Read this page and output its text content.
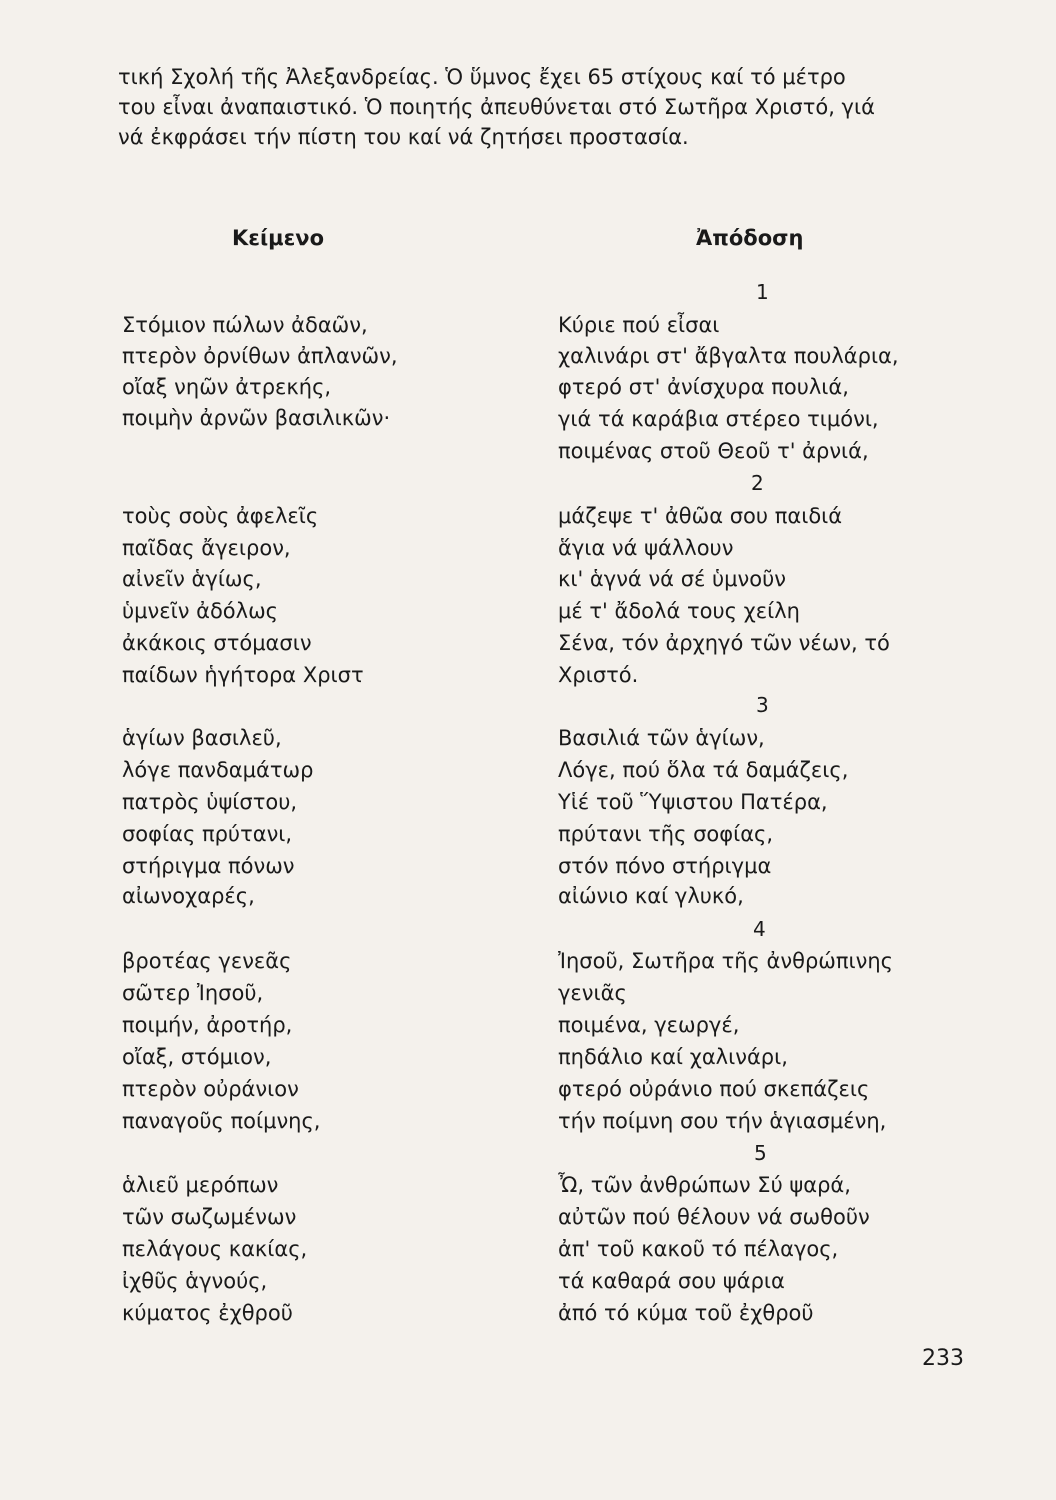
τική Σχολή τῆς Ἀλεξανδρείας. Ὁ ὕμνος ἔχει 65 στίχους καί τό μέτρο
του εἶναι ἀναπαιστικό. Ὁ ποιητής ἀπευθύνεται στό Σωτῆρα Χριστό, γιά
νά ἐκφράσει τήν πίστη του καί νά ζητήσει προστασία.
Κείμενο	Ἀπόδοση
Στόμιον πώλων ἀδαῶν,
πτερὸν ὀρνίθων ἀπλανῶν,
οἴαξ νηῶν ἀτρεκής,
ποιμὴν ἀρνῶν βασιλικῶν·
τοὺς σοὺς ἀφελεῖς
παῖδας ἄγειρον,
αἰνεῖν ἁγίως,
ὑμνεῖν ἀδόλως
ἀκάκοις στόμασιν
παίδων ἡγήτορα Χριστ
ἁγίων βασιλεῦ,
λόγε πανδαμάτωρ
πατρὸς ὑψίστου,
σοφίας πρύτανι,
στήριγμα πόνων
αἰωνοχαρές,
βροτέας γενεᾶς
σῶτερ Ἰησοῦ,
ποιμήν, ἀροτήρ,
οἴαξ, στόμιον,
πτερὸν οὐράνιον
παναγοῦς ποίμνης,
ἁλιεῦ μερόπων
τῶν σωζωμένων
πελάγους κακίας,
ἰχθῦς ἁγνούς,
κύματος ἐχθροῦ
1
2
3
4
5
Κύριε πού εἶσαι
χαλινάρι στ' ἄβγαλτα πουλάρια,
φτερό στ' ἀνίσχυρα πουλιά,
γιά τά καράβια στέρεο τιμόνι,
ποιμένας στοῦ Θεοῦ τ' ἀρνιά,
μάζεψε τ' ἀθῶα σου παιδιά
ἅγια νά ψάλλουν
κι' ἁγνά νά σέ ὑμνοῦν
μέ τ' ἄδολά τους χείλη
Σένα, τόν ἀρχηγό τῶν νέων, τό
Χριστό.
Βασιλιά τῶν ἁγίων,
Λόγε, πού ὅλα τά δαμάζεις,
Υἱέ τοῦ Ὕψιστου Πατέρα,
πρύτανι τῆς σοφίας,
στόν πόνο στήριγμα
αἰώνιο καί γλυκό,
Ἰησοῦ, Σωτῆρα τῆς ἀνθρώπινης
γενιᾶς
ποιμένα, γεωργέ,
πηδάλιο καί χαλινάρι,
φτερό οὐράνιο πού σκεπάζεις
τήν ποίμνη σου τήν ἁγιασμένη,
Ὦ, τῶν ἀνθρώπων Σύ ψαρά,
αὐτῶν πού θέλουν νά σωθοῦν
ἀπ' τοῦ κακοῦ τό πέλαγος,
τά καθαρά σου ψάρια
ἀπό τό κύμα τοῦ ἐχθροῦ
233
